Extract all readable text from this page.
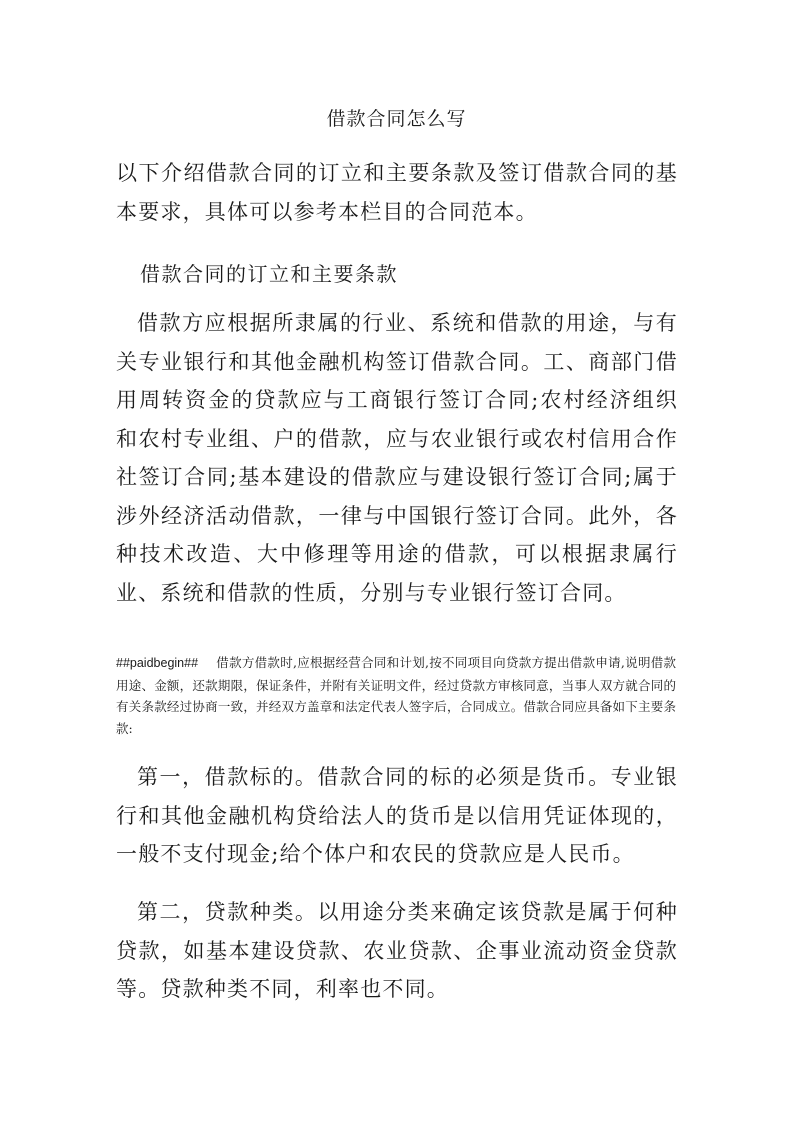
借款合同怎么写

以下介绍借款合同的订立和主要条款及签订借款合同的基本要求，具体可以参考本栏目的合同范本。

借款合同的订立和主要条款

借款方应根据所隶属的行业、系统和借款的用途，与有关专业银行和其他金融机构签订借款合同。工、商部门借用周转资金的贷款应与工商银行签订合同;农村经济组织和农村专业组、户的借款，应与农业银行或农村信用合作社签订合同;基本建设的借款应与建设银行签订合同;属于涉外经济活动借款，一律与中国银行签订合同。此外，各种技术改造、大中修理等用途的借款，可以根据隶属行业、系统和借款的性质，分别与专业银行签订合同。

##paidbegin## 借款方借款时,应根据经营合同和计划,按不同项目向贷款方提出借款申请,说明借款用途、金额，还款期限，保证条件，并附有关证明文件，经过贷款方审核同意，当事人双方就合同的有关条款经过协商一致，并经双方盖章和法定代表人签字后，合同成立。借款合同应具备如下主要条款:

第一，借款标的。借款合同的标的必须是货币。专业银行和其他金融机构贷给法人的货币是以信用凭证体现的，一般不支付现金;给个体户和农民的贷款应是人民币。

第二，贷款种类。以用途分类来确定该贷款是属于何种贷款，如基本建设贷款、农业贷款、企事业流动资金贷款等。贷款种类不同，利率也不同。
